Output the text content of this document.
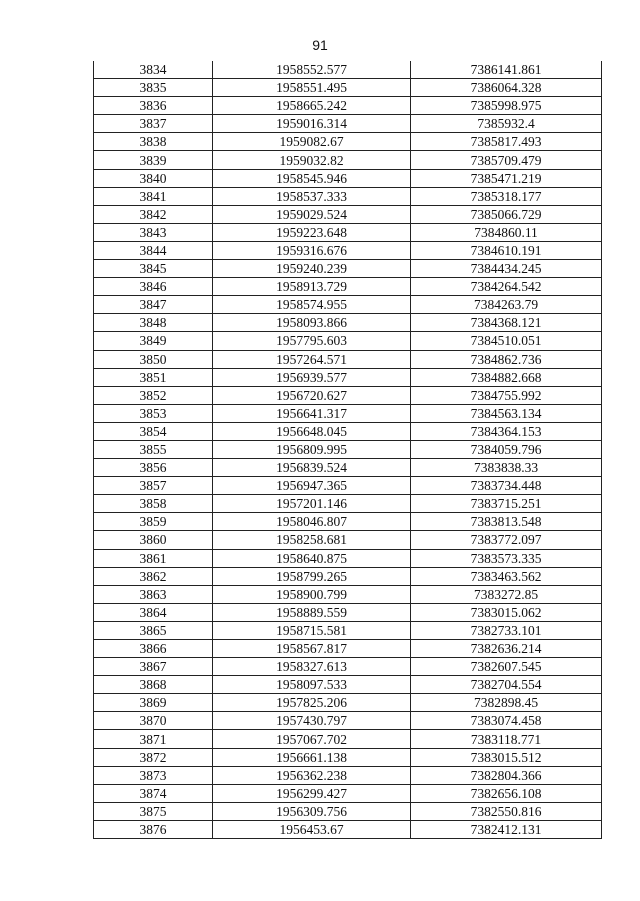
91
3834	1958552.577	7386141.861
3835	1958551.495	7386064.328
3836	1958665.242	7385998.975
3837	1959016.314	7385932.4
3838	1959082.67	7385817.493
3839	1959032.82	7385709.479
3840	1958545.946	7385471.219
3841	1958537.333	7385318.177
3842	1959029.524	7385066.729
3843	1959223.648	7384860.11
3844	1959316.676	7384610.191
3845	1959240.239	7384434.245
3846	1958913.729	7384264.542
3847	1958574.955	7384263.79
3848	1958093.866	7384368.121
3849	1957795.603	7384510.051
3850	1957264.571	7384862.736
3851	1956939.577	7384882.668
3852	1956720.627	7384755.992
3853	1956641.317	7384563.134
3854	1956648.045	7384364.153
3855	1956809.995	7384059.796
3856	1956839.524	7383838.33
3857	1956947.365	7383734.448
3858	1957201.146	7383715.251
3859	1958046.807	7383813.548
3860	1958258.681	7383772.097
3861	1958640.875	7383573.335
3862	1958799.265	7383463.562
3863	1958900.799	7383272.85
3864	1958889.559	7383015.062
3865	1958715.581	7382733.101
3866	1958567.817	7382636.214
3867	1958327.613	7382607.545
3868	1958097.533	7382704.554
3869	1957825.206	7382898.45
3870	1957430.797	7383074.458
3871	1957067.702	7383118.771
3872	1956661.138	7383015.512
3873	1956362.238	7382804.366
3874	1956299.427	7382656.108
3875	1956309.756	7382550.816
3876	1956453.67	7382412.131
